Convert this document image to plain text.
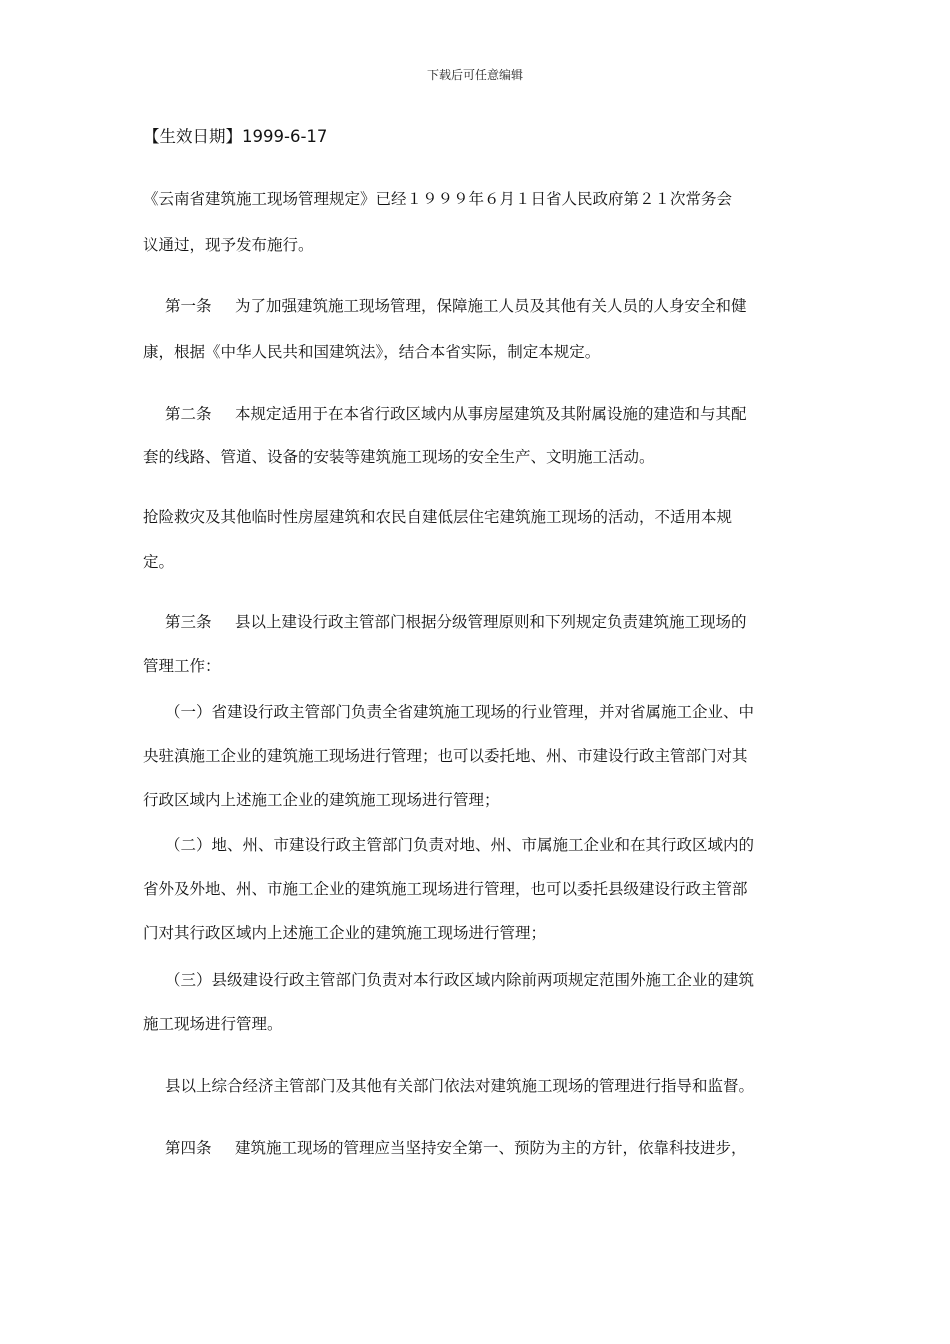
下载后可任意编辑
【生效日期】1999-6-17
《云南省建筑施工现场管理规定》已经１９９９年６月１日省人民政府第２１次常务会
议通过，现予发布施行。
第一条 为了加强建筑施工现场管理，保障施工人员及其他有关人员的人身安全和健
康，根据《中华人民共和国建筑法》，结合本省实际，制定本规定。
第二条 本规定适用于在本省行政区域内从事房屋建筑及其附属设施的建造和与其配
套的线路、管道、设备的安装等建筑施工现场的安全生产、文明施工活动。
抢险救灾及其他临时性房屋建筑和农民自建低层住宅建筑施工现场的活动，不适用本规
定。
第三条 县以上建设行政主管部门根据分级管理原则和下列规定负责建筑施工现场的
管理工作：
（一）省建设行政主管部门负责全省建筑施工现场的行业管理，并对省属施工企业、中
央驻滇施工企业的建筑施工现场进行管理；也可以委托地、州、市建设行政主管部门对其
行政区域内上述施工企业的建筑施工现场进行管理；
（二）地、州、市建设行政主管部门负责对地、州、市属施工企业和在其行政区域内的
省外及外地、州、市施工企业的建筑施工现场进行管理，也可以委托县级建设行政主管部
门对其行政区域内上述施工企业的建筑施工现场进行管理；
（三）县级建设行政主管部门负责对本行政区域内除前两项规定范围外施工企业的建筑
施工现场进行管理。
县以上综合经济主管部门及其他有关部门依法对建筑施工现场的管理进行指导和监督。
第四条 建筑施工现场的管理应当坚持安全第一、预防为主的方针，依靠科技进步，
